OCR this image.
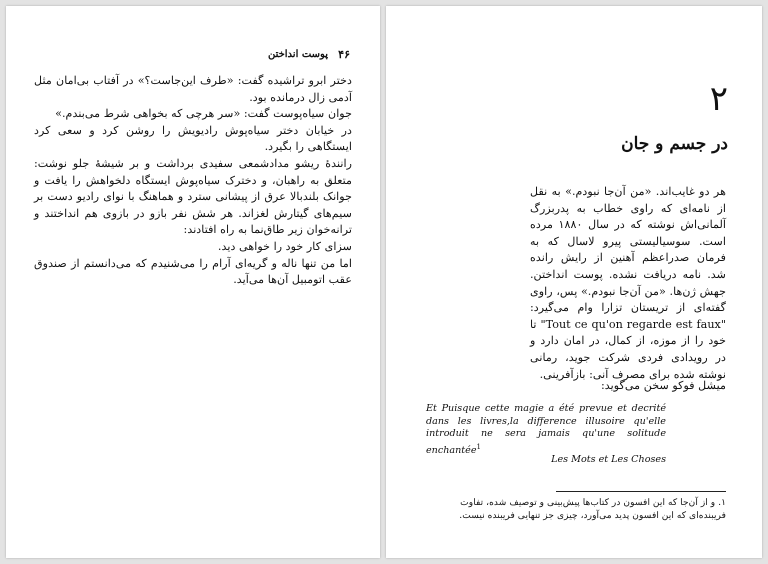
۴۶
پوست انداختن

دختر ابرو تراشیده گفت: «طرف این‌جاست؟» در آفتاب بی‌امان مثل آدمی زال درمانده بود.

جوان سیاه‌پوست گفت: «سر هرچی که بخواهی شرط می‌بندم.»

در خیابان دختر سیاه‌پوش رادیویش را روشن کرد و سعی کرد ایستگاهی را بگیرد.

رانندهٔ ریشو مدادشمعی سفیدی برداشت و بر شیشهٔ جلو نوشت: متعلق به راهبان، و دخترک سیاه‌پوش ایستگاه دلخواهش را یافت و جوانک بلندبالا عرق از پیشانی سترد و هماهنگ با نوای رادیو دست بر سیم‌های گیتارش لغزاند. هر شش نفر بازو در بازوی هم انداختند و ترانه‌خوان زیر طاق‌نما به راه افتادند:

سزای کار خود را خواهی دید.

اما من تنها ناله و گریه‌ای آرام را می‌شنیدم که می‌دانستم از صندوق عقب اتومبیل آن‌ها می‌آید.

۲
در جسم و جان

هر دو غایب‌اند. «من آن‌جا نبودم.» به نقل از نامه‌ای که راوی خطاب به پدربزرگ آلمانی‌اش نوشته که در سال ۱۸۸۰ مرده است. سوسیالیستی پیرو لاسال که به فرمان صدراعظم آهنین از رایش رانده شد. نامه دریافت نشده. پوست انداختن. جهش ژن‌ها. «من آن‌جا نبودم.» پس، راوی گفته‌ای از تریستان تزارا وام می‌گیرد: "Tout ce qu'on regarde est faux" تا خود را از موزه، از کمال، در امان دارد و در رویدادی فردی شرکت جوید، رمانی نوشته شده برای مصرف آنی: بازآفرینی.

میشل فوکو سخن می‌گوید:
Et Puisque cette magie a été prevue et decrité dans les livres,la difference illusoire qu'elle introduit ne sera jamais qu'une solitude enchantée$^1$
Les Mots et Les Choses
۱. و از آن‌جا که این افسون در کتاب‌ها پیش‌بینی و توصیف شده، تفاوت فریبنده‌ای که این افسون پدید می‌آورد، چیزی جز تنهایی فریبنده نیست.
